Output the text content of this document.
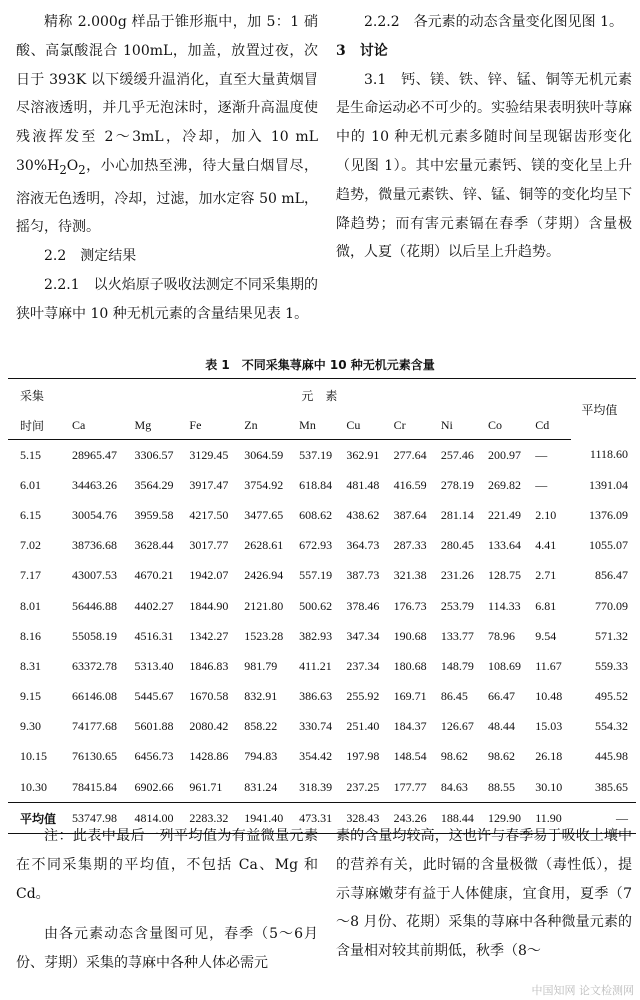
精称 2.000g 样品于锥形瓶中，加 5：1 硝酸、高氯酸混合 100mL，加盖，放置过夜，次日于 393K 以下缓缓升温消化，直至大量黄烟冒尽溶液透明，并几乎无泡沫时，逐渐升高温度使残液挥发至 2～3mL，冷却，加入 10 mL $30\%H_2O_2$，小心加热至沸，待大量白烟冒尽，溶液无色透明，冷却，过滤，加水定容 50 mL，摇匀，待测。

2.2　测定结果

2.2.1　以火焰原子吸收法测定不同采集期的狭叶荨麻中 10 种无机元素的含量结果见表 1。

2.2.2　各元素的动态含量变化图见图 1。

3　讨论

3.1　钙、镁、铁、锌、锰、铜等无机元素是生命运动必不可少的。实验结果表明狭叶荨麻中的 10 种无机元素多随时间呈现锯齿形变化（见图 1）。其中宏量元素钙、镁的变化呈上升趋势，微量元素铁、锌、锰、铜等的变化均呈下降趋势；而有害元素镉在春季（芽期）含量极微，人夏（花期）以后呈上升趋势。

表 1　不同采集荨麻中 10 种无机元素含量
采集	元　素										平均值
时间	Ca	Mg	Fe	Zn	Mn	Cu	Cr	Ni	Co	Cd	
5.15	28965.47	3306.57	3129.45	3064.59	537.19	362.91	277.64	257.46	200.97	—	1118.60
6.01	34463.26	3564.29	3917.47	3754.92	618.84	481.48	416.59	278.19	269.82	—	1391.04
6.15	30054.76	3959.58	4217.50	3477.65	608.62	438.62	387.64	281.14	221.49	2.10	1376.09
7.02	38736.68	3628.44	3017.77	2628.61	672.93	364.73	287.33	280.45	133.64	4.41	1055.07
7.17	43007.53	4670.21	1942.07	2426.94	557.19	387.73	321.38	231.26	128.75	2.71	856.47
8.01	56446.88	4402.27	1844.90	2121.80	500.62	378.46	176.73	253.79	114.33	6.81	770.09
8.16	55058.19	4516.31	1342.27	1523.28	382.93	347.34	190.68	133.77	78.96	9.54	571.32
8.31	63372.78	5313.40	1846.83	981.79	411.21	237.34	180.68	148.79	108.69	11.67	559.33
9.15	66146.08	5445.67	1670.58	832.91	386.63	255.92	169.71	86.45	66.47	10.48	495.52
9.30	74177.68	5601.88	2080.42	858.22	330.74	251.40	184.37	126.67	48.44	15.03	554.32
10.15	76130.65	6456.73	1428.86	794.83	354.42	197.98	148.54	98.62	98.62	26.18	445.98
10.30	78415.84	6902.66	961.71	831.24	318.39	237.25	177.77	84.63	88.55	30.10	385.65
平均值	53747.98	4814.00	2283.32	1941.40	473.31	328.43	243.26	188.44	129.90	11.90	—

注：此表中最后一列平均值为有益微量元素在不同采集期的平均值，不包括 Ca、Mg 和 Cd。

由各元素动态含量图可见，春季（5～6月份、芽期）采集的荨麻中各种人体必需元

素的含量均较高，这也许与春季易于吸收土壤中的营养有关，此时镉的含量极微（毒性低），提示荨麻嫩芽有益于人体健康，宜食用，夏季（7～8 月份、花期）采集的荨麻中各种微量元素的含量相对较其前期低，秋季（8～

中国知网 论文检测网
